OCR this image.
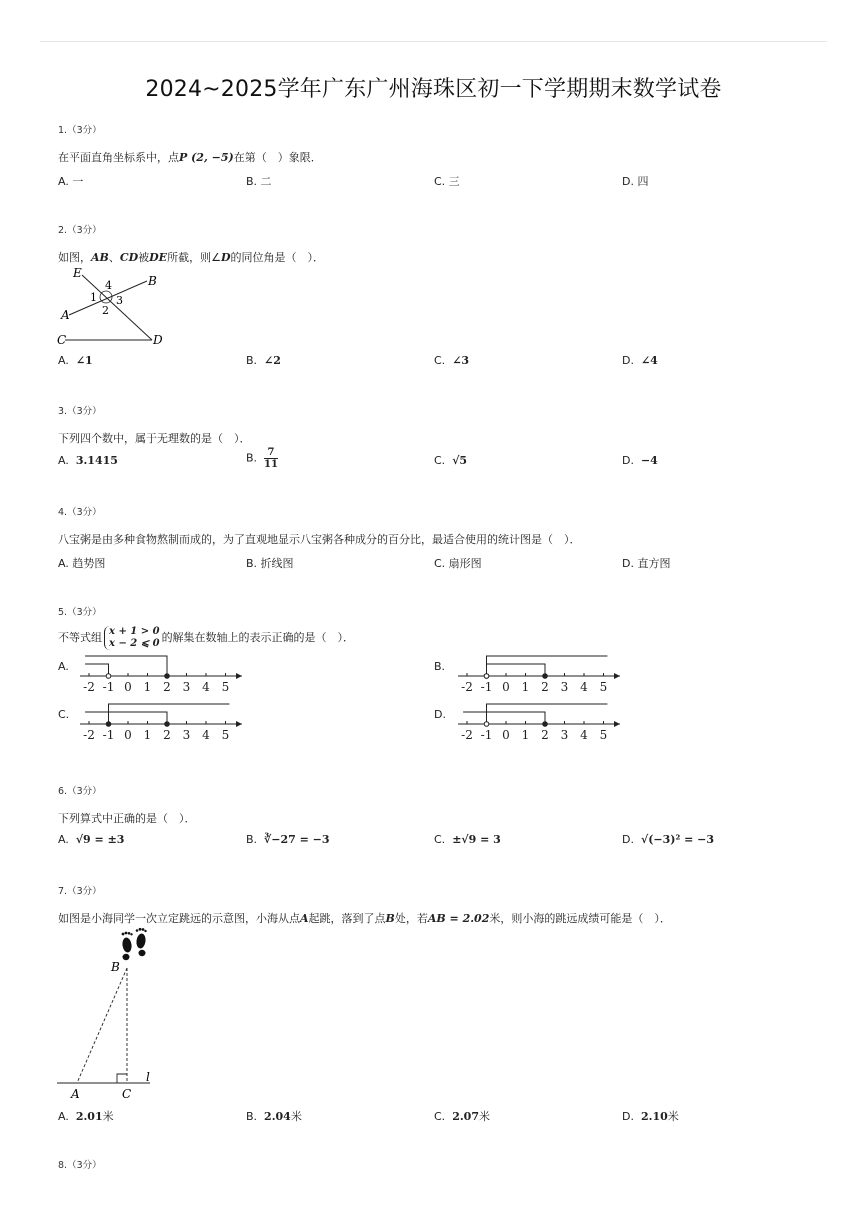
2024~2025学年广东广州海珠区初一下学期期末数学试卷
1.（3分）
在平面直角坐标系中，点P (2, −5)在第（　）象限．
A. 一	B. 二	C. 三	D. 四
2.（3分）
如图，AB、CD被DE所截，则∠D的同位角是（　）．
E
B
A
C	D
1
2
3
4
A. ∠1	B. ∠2	C. ∠3	D. ∠4
3.（3分）
下列四个数中，属于无理数的是（　）．
A. 3.1415	B. $\frac{7}{11}$	C. √5	D. −4
4.（3分）
八宝粥是由多种食物熬制而成的，为了直观地显示八宝粥各种成分的百分比，最适合使用的统计图是（　）．
A. 趋势图	B. 折线图	C. 扇形图	D. 直方图
5.（3分）
不等式组 x + 1 > 0
x − 2 ⩽ 0 的解集在数轴上的表示正确的是（　）．
A.
-2 -1 0 1 2 3 4 5
B.
-2 -1 0 1 2 3 4 5
C.
-2 -1 0 1 2 3 4 5
D.
-2 -1 0 1 2 3 4 5
6.（3分）
下列算式中正确的是（　）．
A. √9 = ±3	B. ∛−27 = −3	C. ±√9 = 3	D. √(−3)² = −3
7.（3分）
如图是小海同学一次立定跳远的示意图，小海从点A起跳，落到了点B处，若AB = 2.02米，则小海的跳远成绩可能是（　）．
B
A	C
l
A. 2.01米	B. 2.04米	C. 2.07米	D. 2.10米
8.（3分）
